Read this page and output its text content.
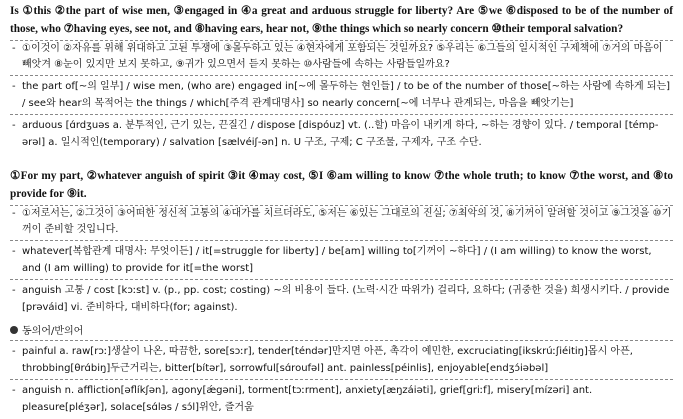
Is ①this ②the part of wise men, ③engaged in ④a great and arduous struggle for liberty? Are ⑤we ⑥disposed to be of the number of those, who ⑦having eyes, see not, and ⑧having ears, hear not, ⑨the things which so nearly concern ⑩their temporal salvation?

- ①이것이 ②자유를 위해 위대하고 고된 투쟁에 ③몰두하고 있는 ④현자에게 포함되는 것일까요? ⑤우리는 ⑥그들의 일시적인 구제책에 ⑦거의 마음이 빼앗겨 ⑧눈이 있지만 보지 못하고, ⑨귀가 있으면서 듣지 못하는 ⑩사람들에 속하는 사람들일까요?

- the part of[~의 일부] / wise men, (who are) engaged in[~에 몰두하는 현인들] / to be of the number of those[~하는 사람에 속하게 되는] / see와 hear의 목적어는 the things / which[주격 관계대명사] so nearly concern[~에 너무나 관계되는, 마음을 빼앗기는]

- arduous [ɑ́rdʒuəs a. 분투적인, 근기 있는, 끈질긴 / dispose [dispóuz] vt. (..할) 마음이 내키게 하다, ~하는 경향이 있다. / temporal [témp-ərəl] a. 일시적인(temporary) / salvation [sælvéiʃ-ən] n. U 구조, 구제; C 구조물, 구제자, 구조 수단.

①For my part, ②whatever anguish of spirit ③it ④may cost, ⑤I ⑥am willing to know ⑦the whole truth; to know ⑦the worst, and ⑧to provide for ⑨it.

- ①저로서는, ②그것이 ③어떠한 정신적 고통의 ④대가를 치르더라도, ⑤저는 ⑥있는 그대로의 진실; ⑦최악의 것, ⑧기꺼이 알려할 것이고 ⑨그것을 ⑩기꺼이 준비할 것입니다.

- whatever[복합관계 대명사: 무엇이든] / it[=struggle for liberty] / be[am] willing to[기꺼이 ~하다] / (I am willing) to know the worst, and (I am willing) to provide for it[=the worst]

- anguish 고통 / cost [kɔːst] v. (p., pp. cost; costing) ~의 비용이 들다. (노력·시간 따위가) 걸리다, 요하다; (귀중한 것을) 희생시키다. / provide [prəváid] vi. 준비하다, 대비하다(for; against).

동의어/반의어

- painful a. raw[rɔː]생살이 나온, 따끔한, sore[sɔːr], tender[téndər]만지면 아픈, 촉각이 예민한, excruciating[ikskrúːʃiéitiŋ]몹시 아픈, throbbing[θrɑ́biŋ]두근거리는, bitter[bítər], sorrowful[sɑ́roufəl] ant. painless[péinlis], enjoyable[endʒɔ́iəbəl]

- anguish n. affliction[əflíkʃən], agony[ǽgəni], torment[tɔːrment], anxiety[æŋzáiəti], grief[griːf], misery[mízəri] ant. pleasure[pléʒər], solace[sɑ́ləs / sɔ́l]위안, 즐거움
